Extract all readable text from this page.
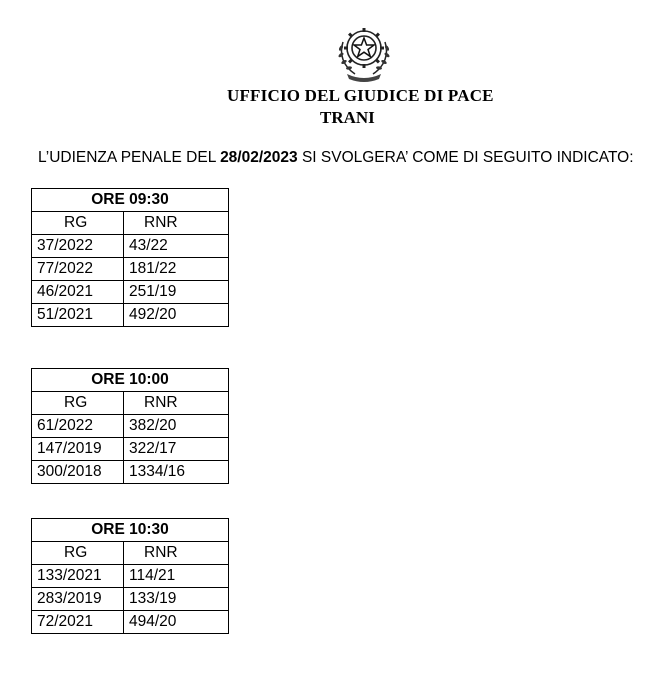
UFFICIO DEL GIUDICE DI PACE
TRANI
L’UDIENZA PENALE DEL 28/02/2023 SI SVOLGERA’ COME DI SEGUITO INDICATO:
ORE 09:30	
RG	RNR
37/2022	43/22
77/2022	181/22
46/2021	251/19
51/2021	492/20
ORE 10:00	
RG	RNR
61/2022	382/20
147/2019	322/17
300/2018	1334/16
ORE 10:30	
RG	RNR
133/2021	114/21
283/2019	133/19
72/2021	494/20
